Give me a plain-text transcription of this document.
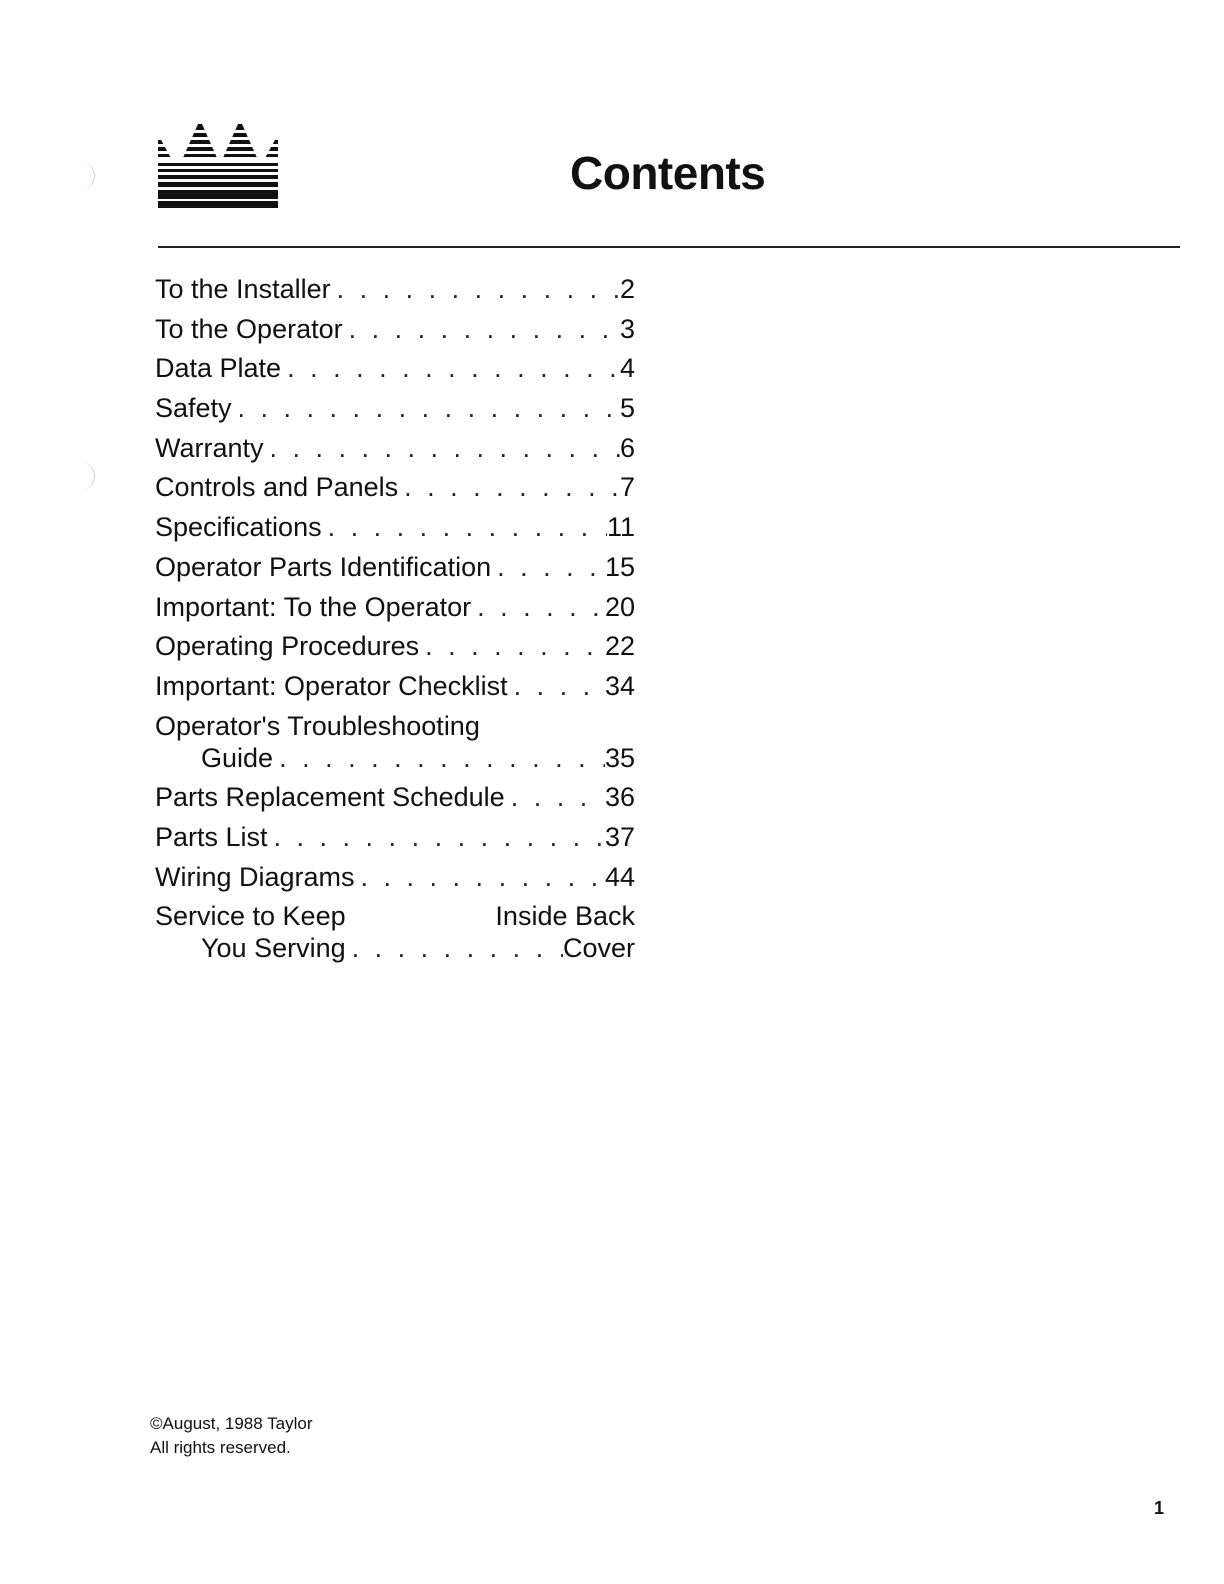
Contents
To the Installer . . .	2
To the Operator . . .	3
Data Plate . . .	4
Safety . . .	5
Warranty . . .	6
Controls and Panels . . .	7
Specifications . . .	11
Operator Parts Identification . . .	15
Important: To the Operator . . .	20
Operating Procedures . . .	22
Important: Operator Checklist . . .	34
Operator's Troubleshooting
Guide . . .	35
Parts Replacement Schedule . . .	36
Parts List . . .	37
Wiring Diagrams . . .	44
Service to Keep	Inside Back
You Serving . . .	Cover
©August, 1988 Taylor
All rights reserved.
1
